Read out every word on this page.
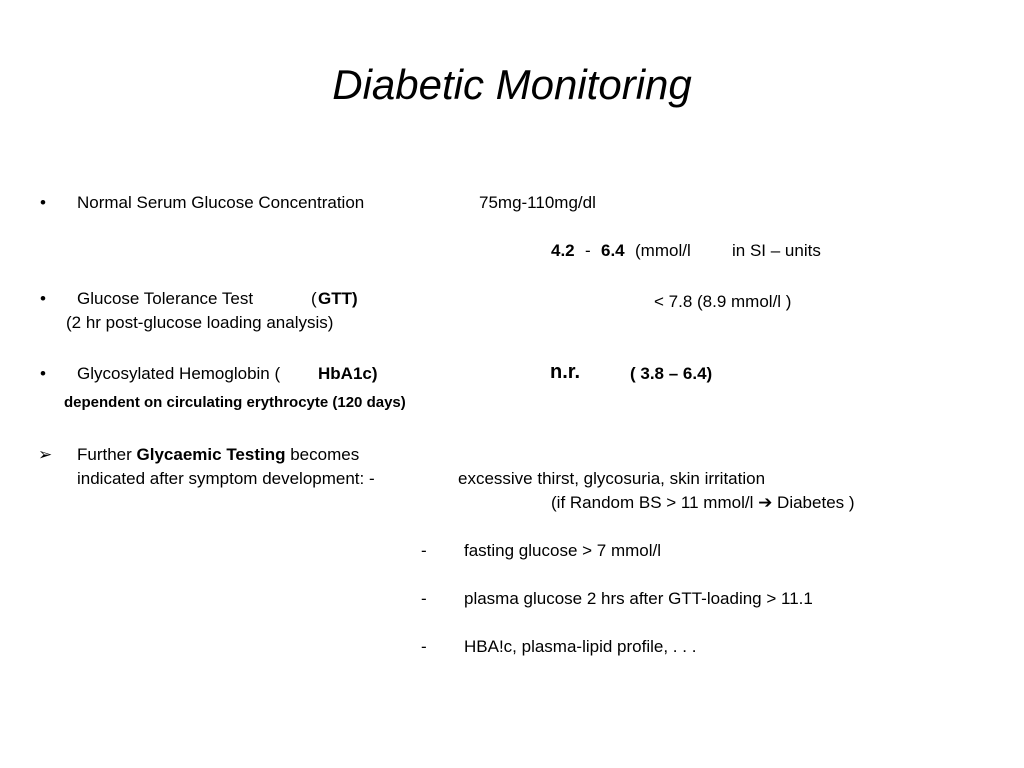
Diabetic Monitoring
• Normal Serum Glucose Concentration	75mg-110mg/dl
4.2 - 6.4 (mmol/l in SI – units
• Glucose Tolerance Test	( GTT)	< 7.8 (8.9 mmol/l )
(2 hr post-glucose loading analysis)
• Glycosylated Hemoglobin ( HbA1c)	n.r.	( 3.8 – 6.4)
dependent on circulating erythrocyte (120 days)
➢ Further Glycaemic Testing becomes
indicated after symptom development: -	excessive thirst, glycosuria, skin irritation
(if Random BS > 11 mmol/l ➔ Diabetes )
- fasting glucose > 7 mmol/l
- plasma glucose 2 hrs after GTT-loading > 11.1
- HBA!c, plasma-lipid profile, . . .
